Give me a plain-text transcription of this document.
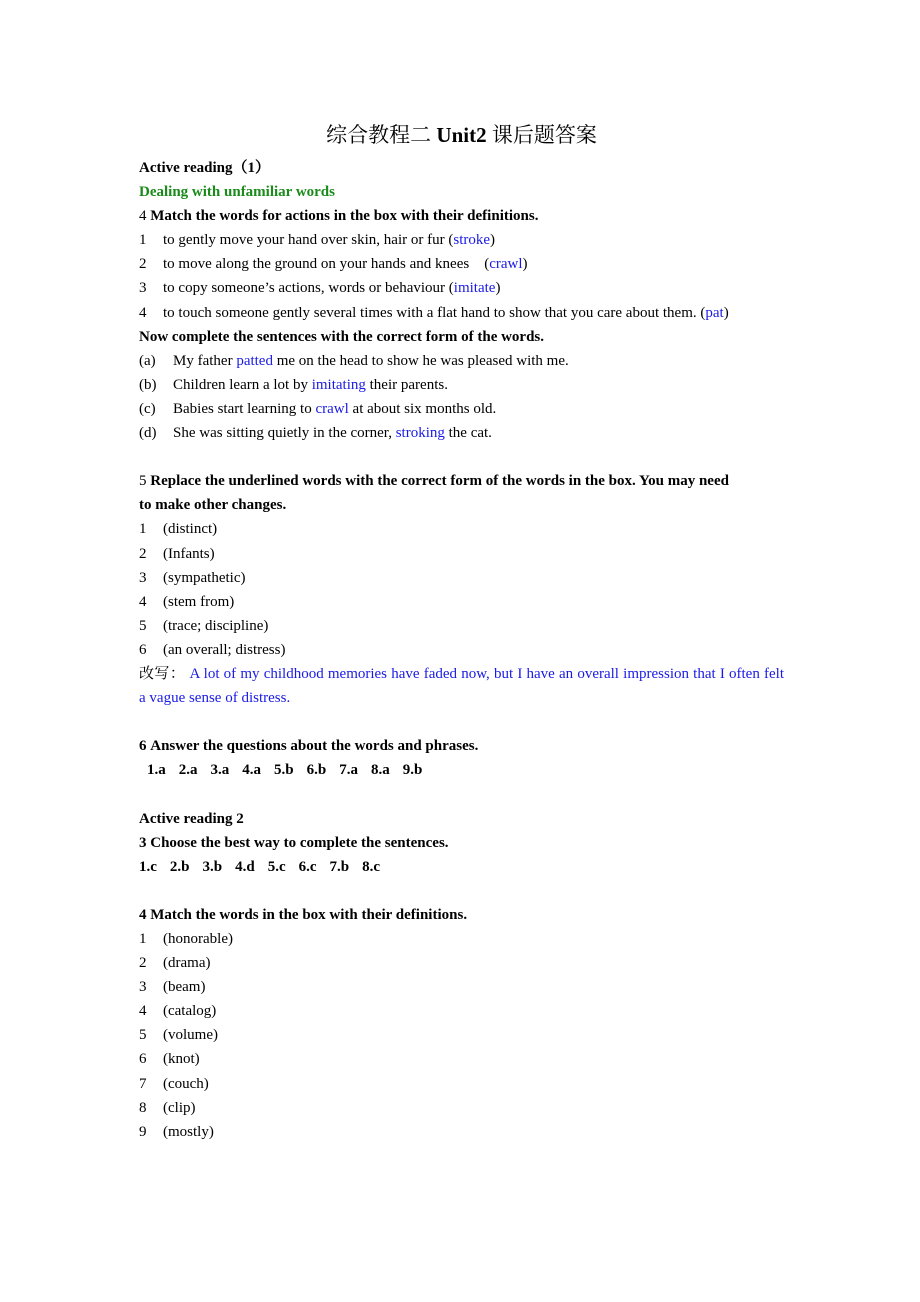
综合教程二 Unit2 课后题答案
Active reading（1）
Dealing with unfamiliar words
4 Match the words for actions in the box with their definitions.
1 to gently move your hand over skin, hair or fur (stroke)
2 to move along the ground on your hands and knees    (crawl)
3 to copy someone’s actions, words or behaviour (imitate)
4 to touch someone gently several times with a flat hand to show that you care about them. (pat)
Now complete the sentences with the correct form of the words.
(a) My father patted me on the head to show he was pleased with me.
(b) Children learn a lot by imitating their parents.
(c) Babies start learning to crawl at about six months old.
(d) She was sitting quietly in the corner, stroking the cat.
5 Replace the underlined words with the correct form of the words in the box. You may need
to make other changes.
1 (distinct)
2 (Infants)
3 (sympathetic)
4 (stem from)
5 (trace; discipline)
6 (an overall; distress)
改写： A lot of my childhood memories have faded now, but I have an overall impression that I often felt a vague sense of distress.
6 Answer the questions about the words and phrases.
1.a 2.a 3.a 4.a 5.b 6.b 7.a 8.a 9.b
Active reading 2
3 Choose the best way to complete the sentences.
1.c 2.b 3.b 4.d 5.c 6.c 7.b 8.c
4 Match the words in the box with their definitions.
1 (honorable)
2 (drama)
3 (beam)
4 (catalog)
5 (volume)
6 (knot)
7 (couch)
8 (clip)
9 (mostly)
